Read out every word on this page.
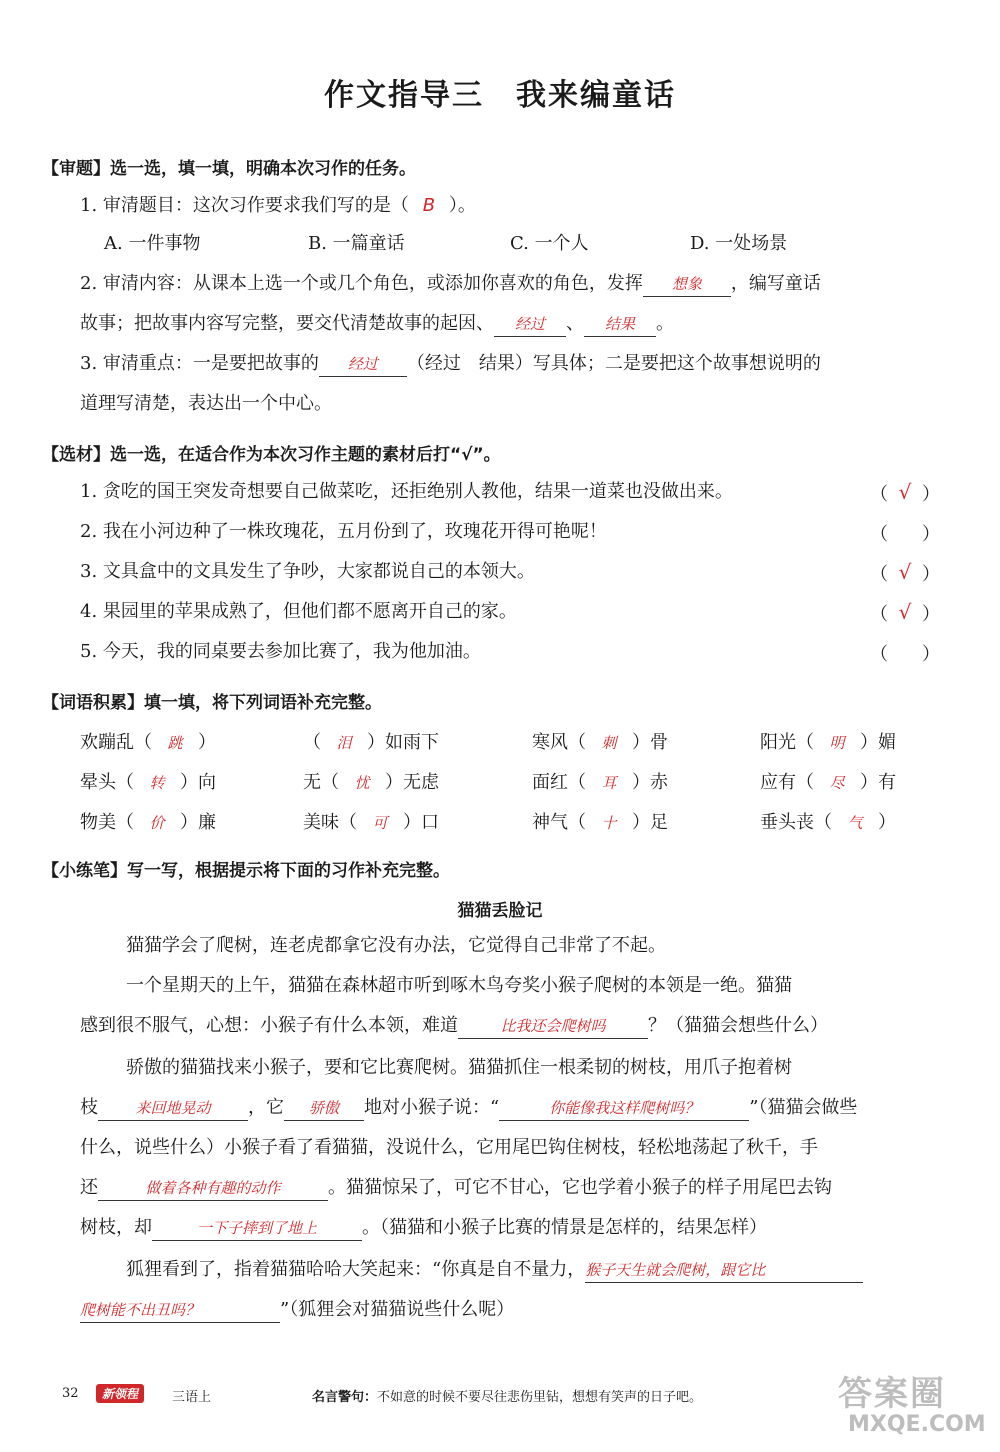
作文指导三　我来编童话
【审题】选一选，填一填，明确本次习作的任务。
1. 审清题目：这次习作要求我们写的是（ B ）。
A. 一件事物	B. 一篇童话	C. 一个人	D. 一处场景
2. 审清内容：从课本上选一个或几个角色，或添加你喜欢的角色，发挥 想象 ，编写童话
故事；把故事内容写完整，要交代清楚故事的起因、 经过 、 结果 。
3. 审清重点：一是要把故事的 经过 （经过　结果）写具体；二是要把这个故事想说明的
道理写清楚，表达出一个中心。
【选材】选一选，在适合作为本次习作主题的素材后打“√”。
1. 贪吃的国王突发奇想要自己做菜吃，还拒绝别人教他，结果一道菜也没做出来。	（ √ ）
2. 我在小河边种了一株玫瑰花，五月份到了，玫瑰花开得可艳呢！	（ ）
3. 文具盒中的文具发生了争吵，大家都说自己的本领大。	（ √ ）
4. 果园里的苹果成熟了，但他们都不愿离开自己的家。	（ √ ）
5. 今天，我的同桌要去参加比赛了，我为他加油。	（ ）
【词语积累】填一填，将下列词语补充完整。
欢蹦乱（ 跳 ）	（ 泪 ）如雨下	寒风（ 刺 ）骨	阳光（ 明 ）媚
晕头（ 转 ）向	无（ 忧 ）无虑	面红（ 耳 ）赤	应有（ 尽 ）有
物美（ 价 ）廉	美味（ 可 ）口	神气（ 十 ）足	垂头丧（ 气 ）
【小练笔】写一写，根据提示将下面的习作补充完整。
猫猫丢脸记
猫猫学会了爬树，连老虎都拿它没有办法，它觉得自己非常了不起。
一个星期天的上午，猫猫在森林超市听到啄木鸟夸奖小猴子爬树的本领是一绝。猫猫
感到很不服气，心想：小猴子有什么本领，难道	比我还会爬树吗 ？（猫猫会想些什么）
骄傲的猫猫找来小猴子，要和它比赛爬树。猫猫抓住一根柔韧的树枝，用爪子抱着树
枝 来回地晃动 ，它 骄傲 地对小猴子说：“	你能像我这样爬树吗？	”（猫猫会做些
什么，说些什么）小猴子看了看猫猫，没说什么，它用尾巴钩住树枝，轻松地荡起了秋千，手
还	做着各种有趣的动作	。猫猫惊呆了，可它不甘心，它也学着小猴子的样子用尾巴去钩
树枝，却	一下子摔到了地上	。（猫猫和小猴子比赛的情景是怎样的，结果怎样）
狐狸看到了，指着猫猫哈哈大笑起来：“你真是自不量力，猴子天生就会爬树，跟它比
爬树能不出丑吗？	”（狐狸会对猫猫说些什么呢）
32	新领程	三语上	名言警句：不如意的时候不要尽往悲伤里钻，想想有笑声的日子吧。	答案圈
MXQE.COM
